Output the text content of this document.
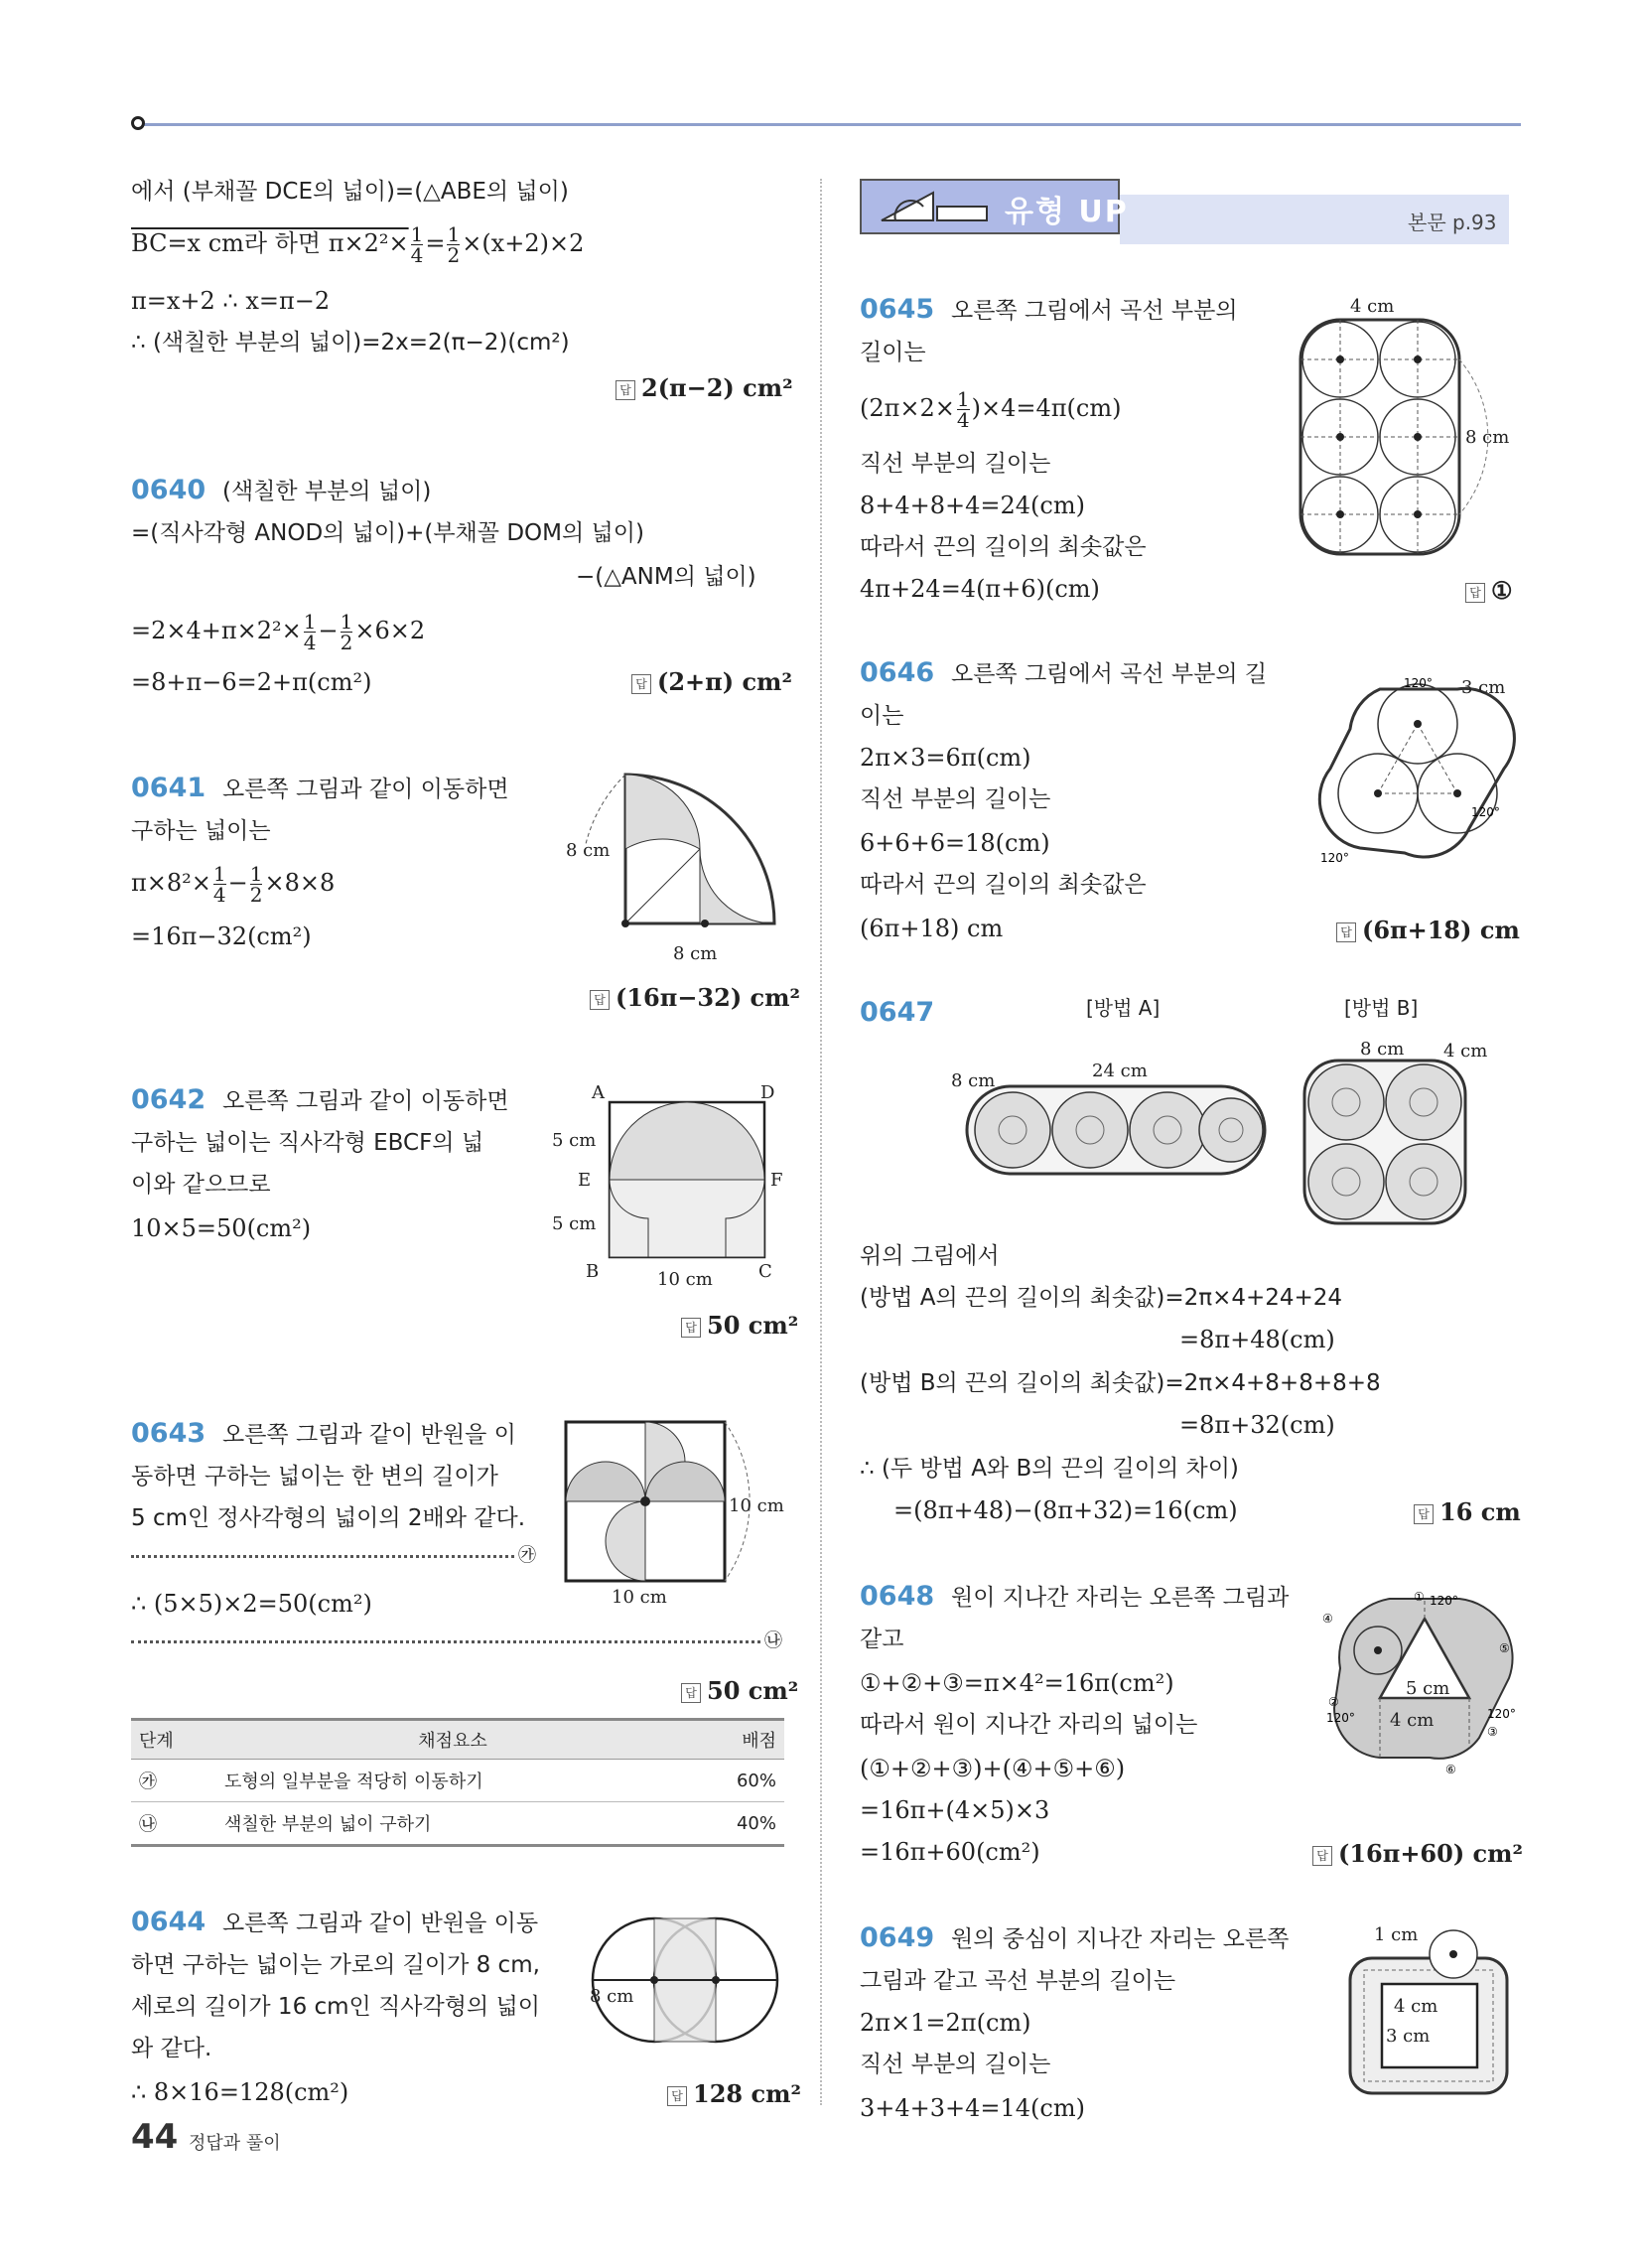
에서 (부채꼴 DCE의 넓이)=(△ABE의 넓이)
BC=x cm라 하면 $\pi\times 2^2\times \frac{1}{4} = \frac{1}{2} \times(x+2)\times 2$
π=x+2 ∴ x=π−2
∴ (색칠한 부분의 넓이)=2x=2(π−2)(cm²)
답 2(π−2) cm²
0640 (색칠한 부분의 넓이)
=(직사각형 ANOD의 넓이)+(부채꼴 DOM의 넓이)
−(△ANM의 넓이)
$=2\times 4+\pi\times 2^2\times \frac{1}{4} - \frac{1}{2} \times 6\times 2$
=8+π−6=2+π(cm²)	답 (2+π) cm²
0641 오른쪽 그림과 같이 이동하면
구하는 넓이는
$\pi\times 8^2\times \frac{1}{4} - \frac{1}{2} \times 8\times 8$
=16π−32(cm²)
답 (16π−32) cm²
8 cm
8 cm
0642 오른쪽 그림과 같이 이동하면
구하는 넓이는 직사각형 EBCF의 넓
이와 같으므로
10×5=50(cm²)
답 50 cm²
A	D
E	F
B	C
5 cm
5 cm
10 cm
0643 오른쪽 그림과 같이 반원을 이
동하면 구하는 넓이는 한 변의 길이가
5 cm인 정사각형의 넓이의 2배와 같다.
㉮
∴ (5×5)×2=50(cm²)
㉯
답 50 cm²
10 cm
10 cm
단계	채점요소	배점
㉮	도형의 일부분을 적당히 이동하기	60%
㉯	색칠한 부분의 넓이 구하기	40%
0644 오른쪽 그림과 같이 반원을 이동
하면 구하는 넓이는 가로의 길이가 8 cm,
세로의 길이가 16 cm인 직사각형의 넓이
와 같다.
∴ 8×16=128(cm²)	답 128 cm²
8 cm
44 정답과 풀이
유형 UP	본문 p.93
0645 오른쪽 그림에서 곡선 부분의
길이는
$(2\pi\times 2\times \frac{1}{4} )\times 4=4\pi(cm)$
직선 부분의 길이는
8+4+8+4=24(cm)
따라서 끈의 길이의 최솟값은
4π+24=4(π+6)(cm)	답 ①
4 cm
8 cm
0646 오른쪽 그림에서 곡선 부분의 길
이는
2π×3=6π(cm)
직선 부분의 길이는
6+6+6=18(cm)
따라서 끈의 길이의 최솟값은
(6π+18) cm	답 (6π+18) cm
120°
120°
120°
3 cm
0647	[방법 A]	[방법 B]
8 cm	24 cm
8 cm 4 cm
위의 그림에서
(방법 A의 끈의 길이의 최솟값)=2π×4+24+24
=8π+48(cm)
(방법 B의 끈의 길이의 최솟값)=2π×4+8+8+8+8
=8π+32(cm)
∴ (두 방법 A와 B의 끈의 길이의 차이)
=(8π+48)−(8π+32)=16(cm)	답 16 cm
0648 원이 지나간 자리는 오른쪽 그림과
같고
①+②+③=π×4²=16π(cm²)
따라서 원이 지나간 자리의 넓이는
(①+②+③)+(④+⑤+⑥)
=16π+(4×5)×3
=16π+60(cm²)	답 (16π+60) cm²
① 120°
②
120°
③
120°
④
⑤
⑥
5 cm
4 cm
0649 원의 중심이 지나간 자리는 오른쪽
그림과 같고 곡선 부분의 길이는
2π×1=2π(cm)
직선 부분의 길이는
3+4+3+4=14(cm)
1 cm
4 cm
3 cm
